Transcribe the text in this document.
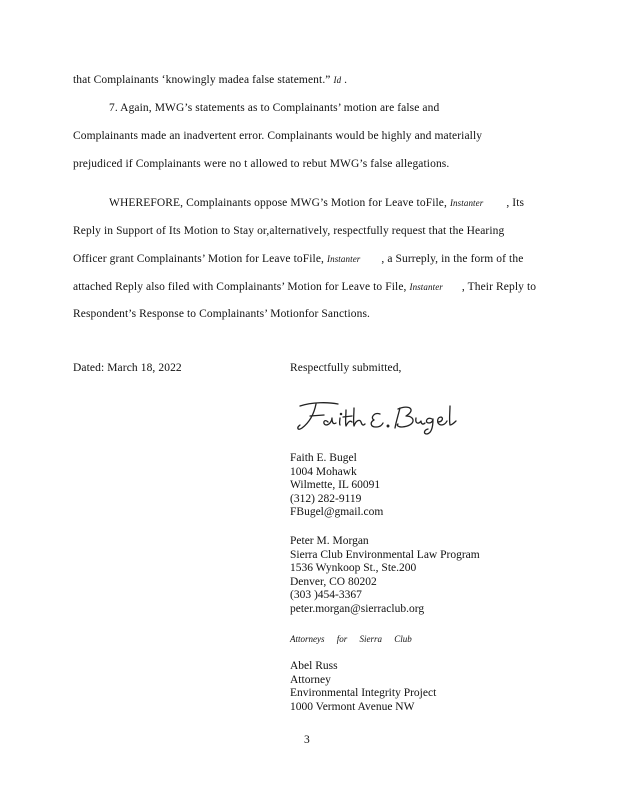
that Complainants ‘knowingly madea false statement.” Id .
7. Again, MWG’s statements as to Complainants’ motion are false and
Complainants made an inadvertent error. Complainants would be highly and materially
prejudiced if Complainants were no t allowed to rebut MWG’s false allegations.
WHEREFORE, Complainants oppose MWG’s Motion for Leave toFile, Instanter , Its
Reply in Support of Its Motion to Stay or,alternatively, respectfully request that the Hearing
Officer grant Complainants’ Motion for Leave toFile, Instanter , a Surreply, in the form of the
attached Reply also filed with Complainants’ Motion for Leave to File, Instanter , Their Reply to
Respondent’s Response to Complainants’ Motionfor Sanctions.
Dated: March 18, 2022	Respectfully submitted,
Faith E. Bugel
1004 Mohawk
Wilmette, IL 60091
(312) 282-9119
FBugel@gmail.com
Peter M. Morgan
Sierra Club Environmental Law Program
1536 Wynkoop St., Ste.200
Denver, CO 80202
(303 )454-3367
peter.morgan@sierraclub.org
Attorneys for Sierra Club
Abel Russ
Attorney
Environmental Integrity Project
1000 Vermont Avenue NW
3
